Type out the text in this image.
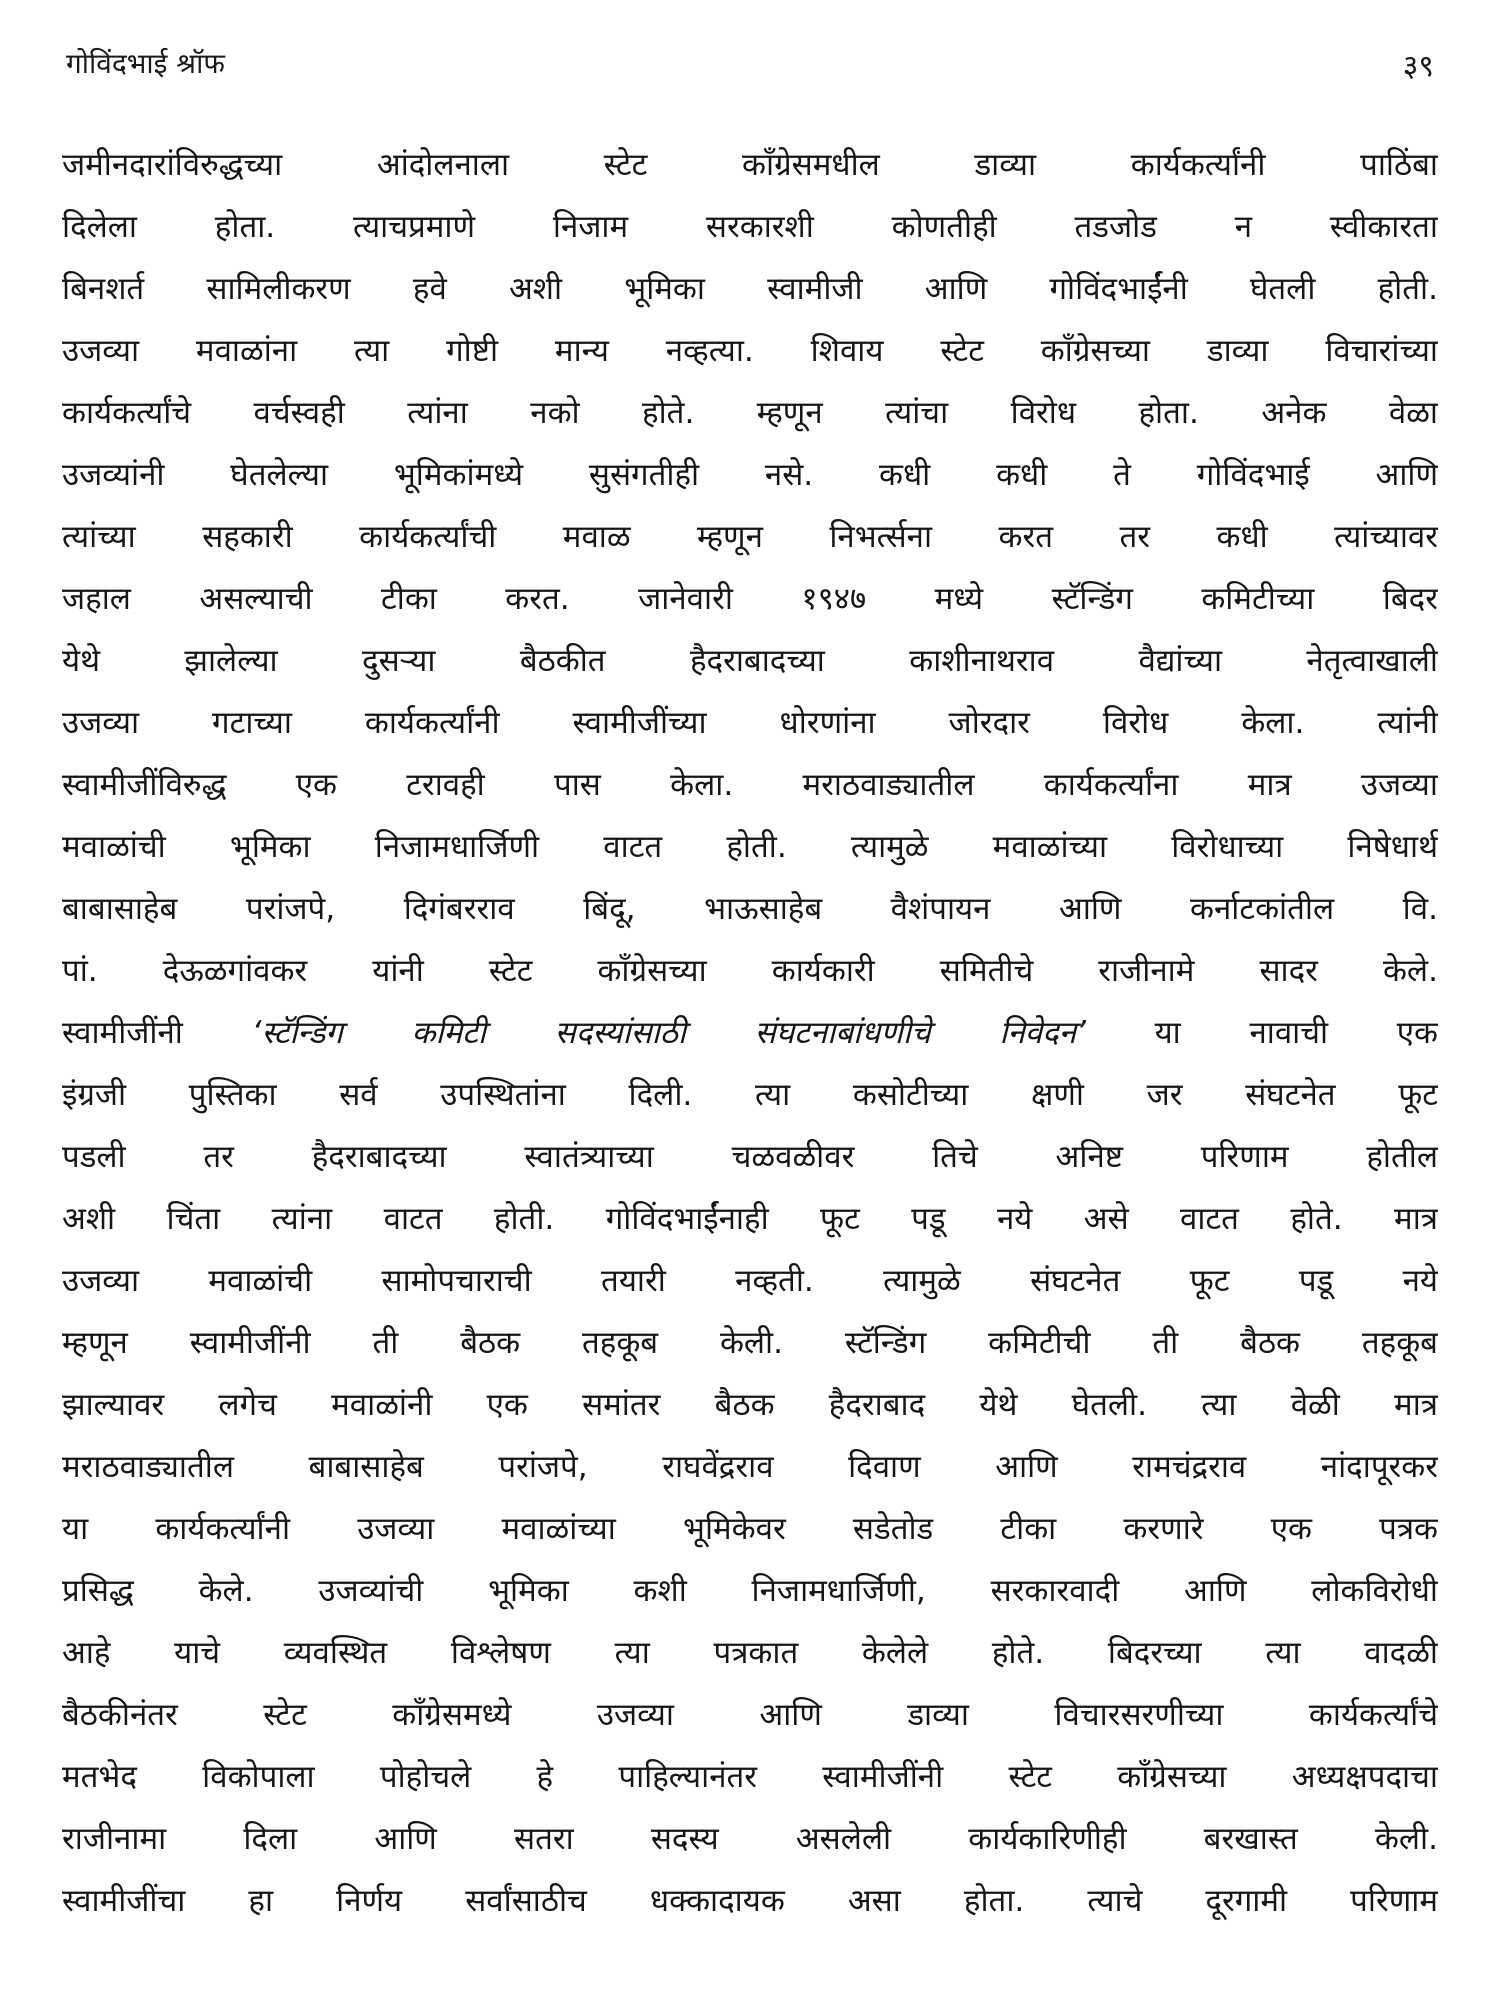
गोविंदभाई श्रॉफ	३९
जमीनदारांविरुद्धच्या आंदोलनाला स्टेट कॉंग्रेसमधील डाव्या कार्यकर्त्यांनी पाठिंबा
दिलेला होता. त्याचप्रमाणे निजाम सरकारशी कोणतीही तडजोड न स्वीकारता
बिनशर्त सामिलीकरण हवे अशी भूमिका स्वामीजी आणि गोविंदभाईंनी घेतली होती.
उजव्या मवाळांना त्या गोष्टी मान्य नव्हत्या. शिवाय स्टेट कॉंग्रेसच्या डाव्या विचारांच्या
कार्यकर्त्यांचे वर्चस्वही त्यांना नको होते. म्हणून त्यांचा विरोध होता. अनेक वेळा
उजव्यांनी घेतलेल्या भूमिकांमध्ये सुसंगतीही नसे. कधी कधी ते गोविंदभाई आणि
त्यांच्या सहकारी कार्यकर्त्यांची मवाळ म्हणून निभर्त्सना करत तर कधी त्यांच्यावर
जहाल असल्याची टीका करत. जानेवारी १९४७ मध्ये स्टॅन्डिंग कमिटीच्या बिदर
येथे झालेल्या दुसऱ्या बैठकीत हैदराबादच्या काशीनाथराव वैद्यांच्या नेतृत्वाखाली
उजव्या गटाच्या कार्यकर्त्यांनी स्वामीजींच्या धोरणांना जोरदार विरोध केला. त्यांनी
स्वामीजींविरुद्ध एक टरावही पास केला. मराठवाड्यातील कार्यकर्त्यांना मात्र उजव्या
मवाळांची भूमिका निजामधार्जिणी वाटत होती. त्यामुळे मवाळांच्या विरोधाच्या निषेधार्थ
बाबासाहेब परांजपे, दिगंबरराव बिंदू, भाऊसाहेब वैशंपायन आणि कर्नाटकांतील वि.
पां. देऊळगांवकर यांनी स्टेट कॉंग्रेसच्या कार्यकारी समितीचे राजीनामे सादर केले.
स्वामीजींनी ‘स्टॅन्डिंग कमिटी सदस्यांसाठी संघटनाबांधणीचे निवेदन’ या नावाची एक
इंग्रजी पुस्तिका सर्व उपस्थितांना दिली. त्या कसोटीच्या क्षणी जर संघटनेत फूट
पडली तर हैदराबादच्या स्वातंत्र्याच्या चळवळीवर तिचे अनिष्ट परिणाम होतील
अशी चिंता त्यांना वाटत होती. गोविंदभाईंनाही फूट पडू नये असे वाटत होते. मात्र
उजव्या मवाळांची सामोपचाराची तयारी नव्हती. त्यामुळे संघटनेत फूट पडू नये
म्हणून स्वामीजींनी ती बैठक तहकूब केली. स्टॅन्डिंग कमिटीची ती बैठक तहकूब
झाल्यावर लगेच मवाळांनी एक समांतर बैठक हैदराबाद येथे घेतली. त्या वेळी मात्र
मराठवाड्यातील बाबासाहेब परांजपे, राघवेंद्रराव दिवाण आणि रामचंद्रराव नांदापूरकर
या कार्यकर्त्यांनी उजव्या मवाळांच्या भूमिकेवर सडेतोड टीका करणारे एक पत्रक
प्रसिद्ध केले. उजव्यांची भूमिका कशी निजामधार्जिणी, सरकारवादी आणि लोकविरोधी
आहे याचे व्यवस्थित विश्लेषण त्या पत्रकात केलेले होते. बिदरच्या त्या वादळी
बैठकीनंतर स्टेट कॉंग्रेसमध्ये उजव्या आणि डाव्या विचारसरणीच्या कार्यकर्त्यांचे
मतभेद विकोपाला पोहोचले हे पाहिल्यानंतर स्वामीजींनी स्टेट कॉंग्रेसच्या अध्यक्षपदाचा
राजीनामा दिला आणि सतरा सदस्य असलेली कार्यकारिणीही बरखास्त केली.
स्वामीजींचा हा निर्णय सर्वांसाठीच धक्कादायक असा होता. त्याचे दूरगामी परिणाम
